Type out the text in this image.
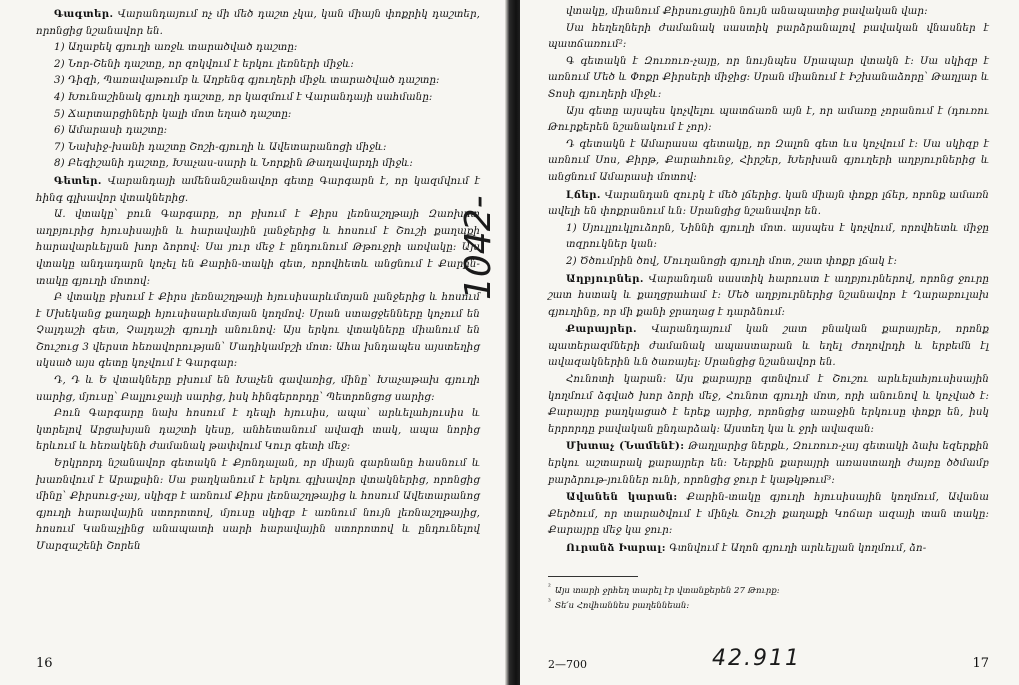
Գագտեր. Վարանդայում ոչ մի մեծ դաշտ չկա, կան միայն փոքրիկ դաշտեր, որոնցից նշանավոր են.

1) Աղաբեկ գյուղի առջև տարածված դաշտը:

2) Նոր-Շենի դաշտը, որ զոկվում է երկու լեռների միջև:

3) Դիզի, Պառավաթումբ և Աղբենգ գյուղերի միջև տարածված դաշտը:

4) Խունաշինակ գյուղի դաշտը, որ կազմում է Վարանդայի սահմանը:

5) Ճարտարցիների կալի մոտ եղած դաշտը:

6) Ամարասի դաշտը:

7) Նախիջ-խանի դաշտը Շոշի-գյուղի և Ավետարանոցի միջև:

8) Բեգիշանի դաշտը, Խաչաս-սարի և Նորքին Թաղավարդի միջև:

Գետեր. Վարանդայի ամենանշանավոր գետը Գարգարն է, որ կազմվում է հինգ գլխավոր վտակներից.

Ա. վտակը՝ բուն Գարգարը, որ բխում է Քիրս լեռնաշղթայի Զառխոտ աղբյուրից հյուսիսային և հարավային լանջերից և հոսում է Շուշի քաղաքի հարավարևելյան խոր ձորով: Սա յուր մեջ է ընդունում Թթուջրի առվակը: Այս վտակը անդադարն կոչել են Քարին-տակի գետ, որովհետև անցնում է Քարին-տակը գյուղի մոտով:

Բ վտակը բխում է Քիրս լեռնաշղթայի հյուսիսարևմտյան լանջերից և հոսում է Մխեկանց քաղաքի հյուսիսարևմտյան կողմով: Սրան ստացջենները կոչում են Չալդաշի գետ, Չալդաշի գյուղի անունով: Այս երկու վտակները միանում են Շուշուց 3 վերստ հեռավորության՝ Մադիկամբշի մոտ: Ահա խնդապես այստեղից սկսած այս գետը կոչվում է Գարգար:

Դ, Դ և Ե վտակները բխում են Խաչեն գավառից, մինը՝ Խաչաթախ գյուղի սարից, մյուսը՝ Բալլուջայի սարից, իսկ հինգերորդը՝ Պետրոնցոց սարից:

Բուն Գարգարը նախ հոսում է դեպի հյուսիս, ապա՝ արևելահյուսիս և կտրելով Արցախյան դաշտի կեսը, անհետանում ավազի տակ, ապա նորից երևում և հեռակենի ժամանակ թափվում Կուր գետի մեջ:

Երկրորդ նշանավոր գետակն է Քյոնդալան, որ միայն գարնանը հասնում և խառնվում է Արաքսին: Սա բաղկանում է երկու գլխավոր վտակներից, որոնցից մինը՝ Քիրսուց-չայ, սկիզբ է առնում Քիրս լեռնաշղթայից և հոսում Ավետարանոց գյուղի հարավային ստորոտով, մյուսը սկիզբ է առնում նույն լեռնաշղթայից, հոսում Կանաչլինց անապատի սարի հարավային ստորոտով և ընդունելով Մարզաշենի Շորեն

16
1042-

վտակը, միանում Քիրսուցային նույն անապատից բավական վար:

Սա հեղեղների ժամանակ սաստիկ բարձրանալով բավական վնասներ է պատճառում²:

Գ գետակն է Զուռուռ-չայը, որ նույնպես Սրապար վտակն է: Սա սկիզբ է առնում Մեծ և Փոքր Քիրսերի միջից: Սրան միանում է Իշխանաձորը՝ Թաղլար և Տոսի գյուղերի միջև:

Այս գետը այսպես կոչվելու պատճառն այն է, որ ամառը չորանում է (դուռու Թուրքերեն նշանակում է չոր):

Դ գետակն է Ամարասա գետակը, որ Զալոն գետ ևս կոչվում է: Սա սկիզբ է առնում Սոս, Քիրթ, Քարահունջ, Հիրշեր, Խերխան գյուղերի աղբյուրներից և անցնում Ամարասի մոտով:

Լճեր. Վարանդան զուրկ է մեծ լճերից. կան միայն փոքր լճեր, որոնք ամառն ավելի են փոքրանում ևն: Սրանցից նշանավոր են.

1) Սյուլլուկլուձորն, Նիննի գյուղի մոտ. այսպես է կոչվում, որովհետև միջը տզրուկներ կան:

2) Ծծումրին ծով, Մուղանոցի գյուղի մոտ, շատ փոքր լճակ է:

Աղբյուրներ. Վարանդան սաստիկ հարուստ է աղբյուրներով, որոնց ջուրը շատ հստակ և քաղցրահամ է: Մեծ աղբյուրներից նշանավոր է Ղարաբուլախ գյուղինը, որ մի քանի ջրաղաց է դարձնում:

Քարայրեր. Վարանդայում կան շատ բնական քարայրեր, որոնք պատերազմների ժամանակ ապաստարան և եղել ժողովրդի և երբեմն էլ ավազակներին ևն ծառայել: Սրանցից նշանավոր են.

Հունոտի կարան: Այս քարայրը գտնվում է Շուշու արևելահյուսիսային կողմում ձգված խոր ձորի մեջ, Հունոտ գյուղի մոտ, որի անունով և կոչված է: Քարայրը բաղկացած է երեք այրից, որոնցից առաջին երկուսը փոքր են, իսկ երրորդը բավական ընդարձակ: Այստեղ կա և ջրի ավազան:

Մխտաչ (Նամենէ): Թաղլարից ներքև, Զուռուռ-չայ գետակի ձախ եզերքին երկու աշտարակ քարայրեր են: Ներքին քարայրի առաստաղի ժայռը ծծմամբ բարձրութ-յուններ ունի, որոնցից ջուր է կաթկթում³:

Ավանեն կարան: Քարին-տակը գյուղի հյուսիսային կողմում, Ավանա Քերծում, որ տարածվում է մինչև Շուշի քաղաքի Կոճար ազայի տան տակը: Քարայրը մեջ կա ջուր:

Ուրանձ Իարալ: Գտնվում է Աղոն գյուղի արևելյան կողմում, ձո-

$^{^2}$ Այս տարի ջրհեղ տարել էր վտանքերեն 27 Թուրք:

$^{^3}$ Տե՛ս Հովհաննես բաղեննեան:

2—700	17
42.911
